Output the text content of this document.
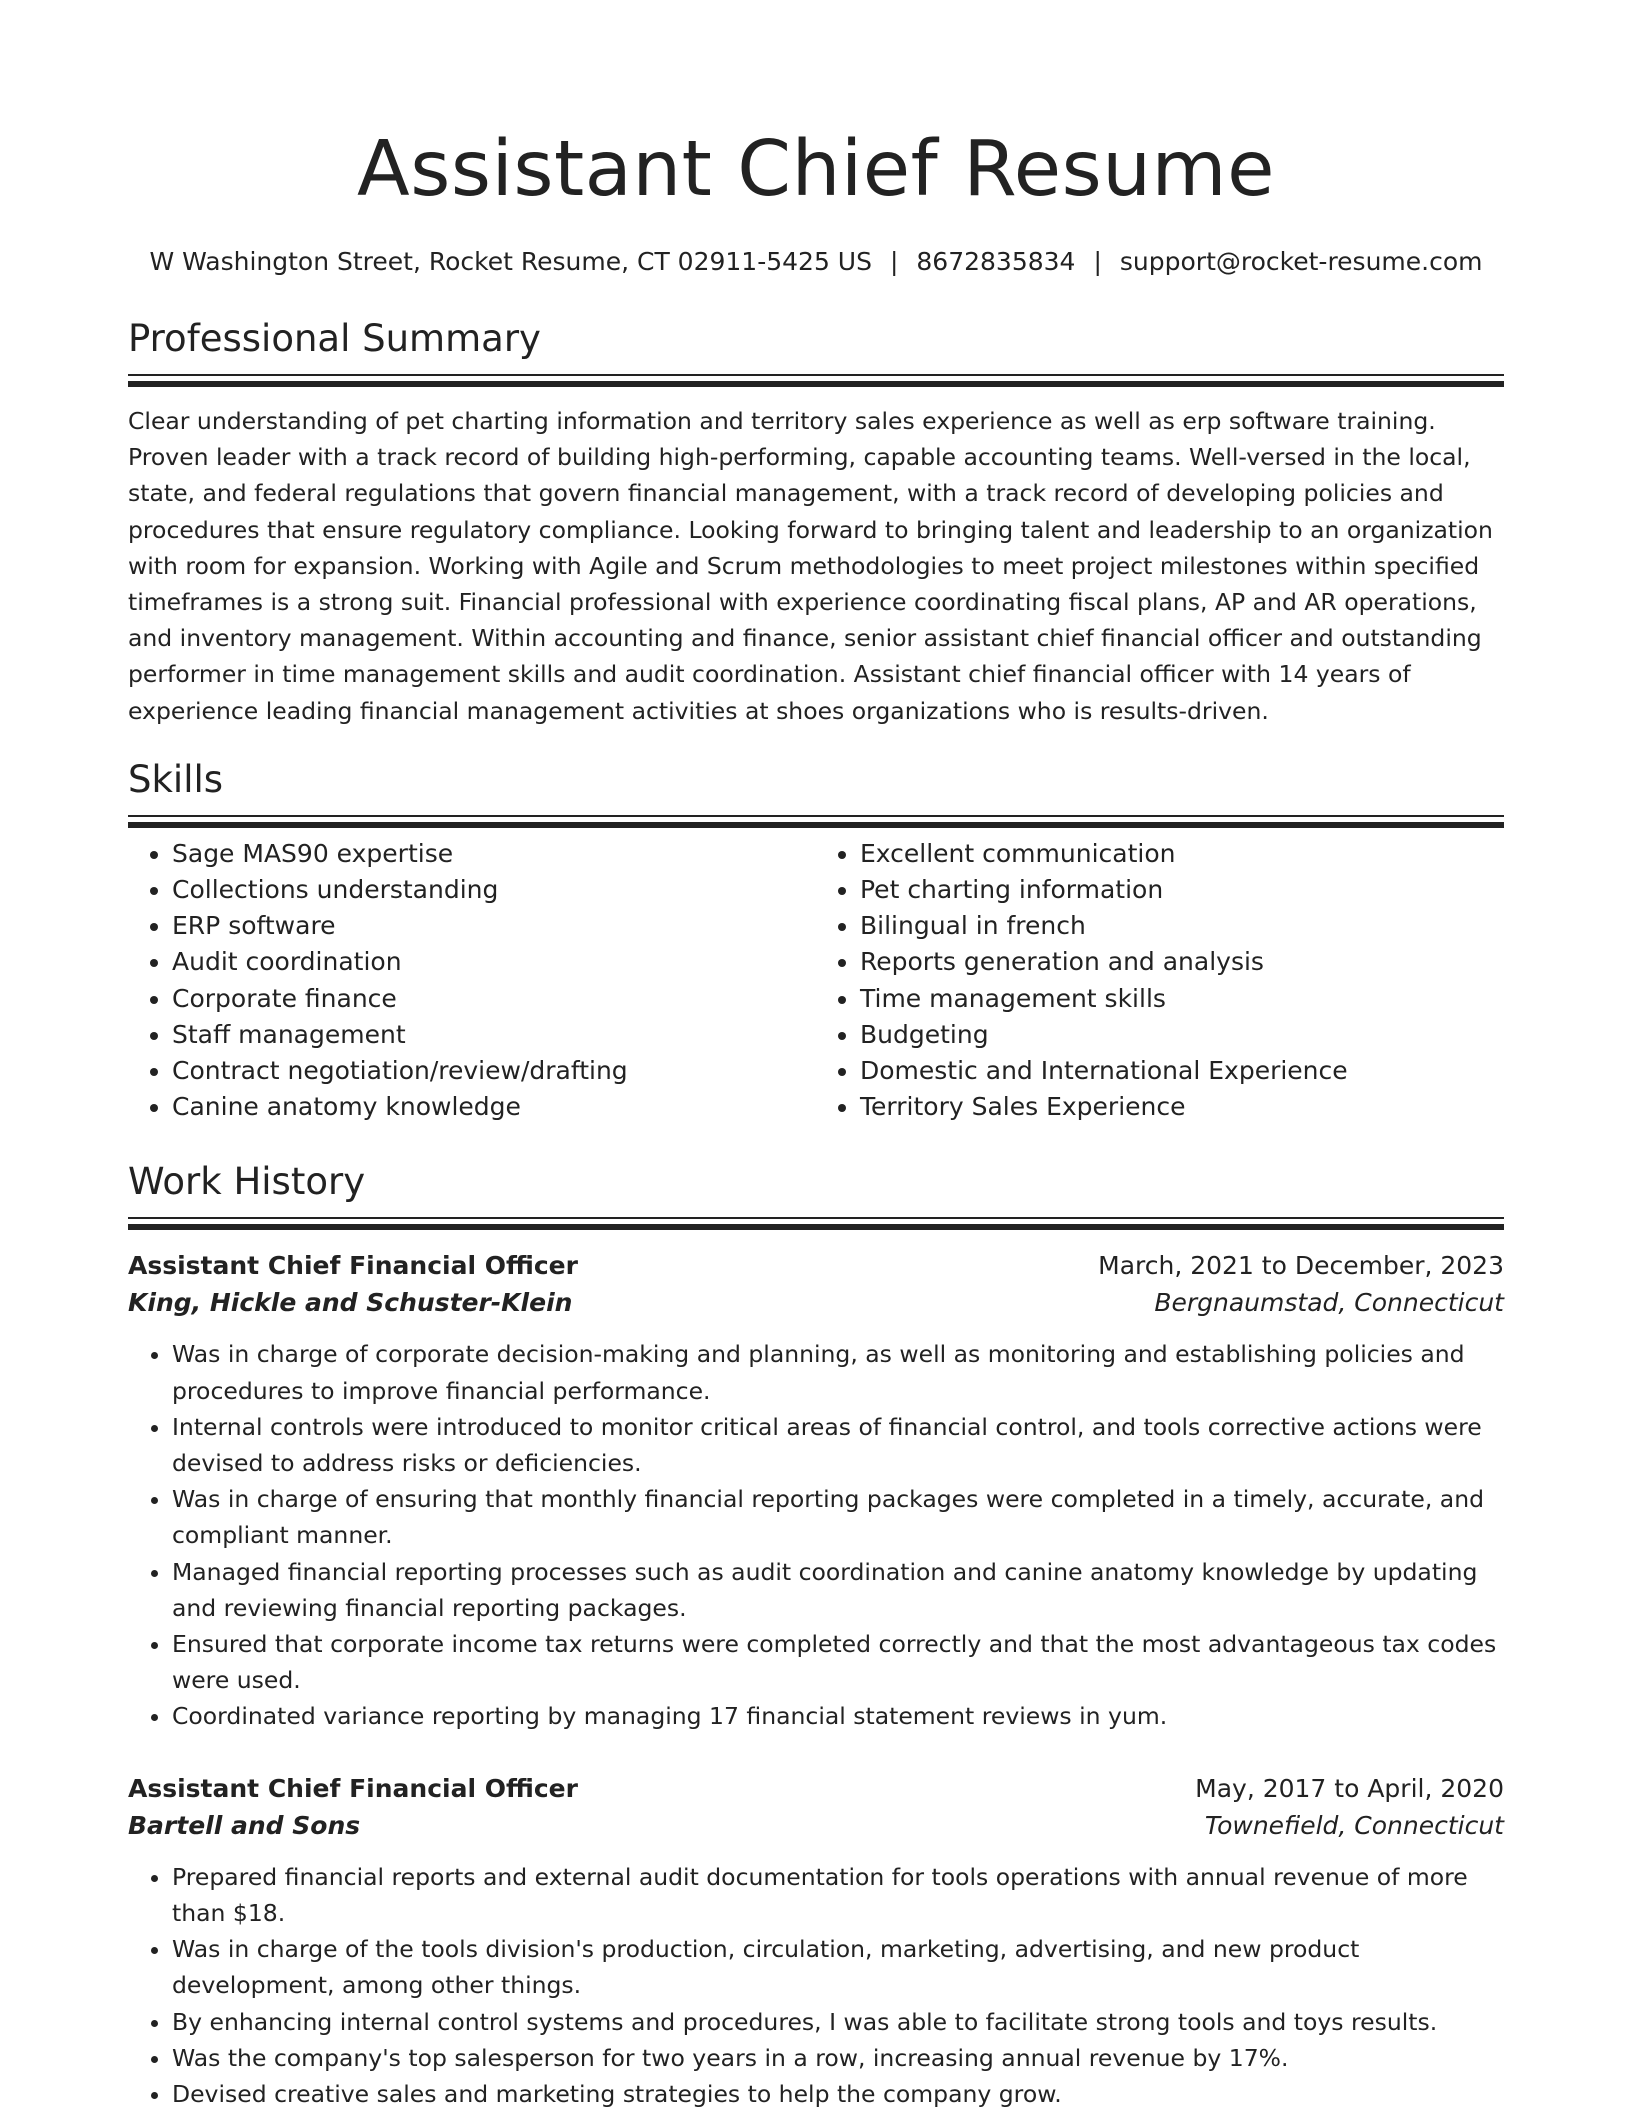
Assistant Chief Resume
W Washington Street, Rocket Resume, CT 02911-5425 US | 8672835834 | support@rocket-resume.com
Professional Summary

Clear understanding of pet charting information and territory sales experience as well as erp software training. Proven leader with a track record of building high-performing, capable accounting teams. Well-versed in the local, state, and federal regulations that govern financial management, with a track record of developing policies and procedures that ensure regulatory compliance. Looking forward to bringing talent and leadership to an organization with room for expansion. Working with Agile and Scrum methodologies to meet project milestones within specified timeframes is a strong suit. Financial professional with experience coordinating fiscal plans, AP and AR operations, and inventory management. Within accounting and finance, senior assistant chief financial officer and outstanding performer in time management skills and audit coordination. Assistant chief financial officer with 14 years of experience leading financial management activities at shoes organizations who is results-driven.

Skills
• Sage MAS90 expertise
• Collections understanding
• ERP software
• Audit coordination
• Corporate finance
• Staff management
• Contract negotiation/review/drafting
• Canine anatomy knowledge
• Excellent communication
• Pet charting information
• Bilingual in french
• Reports generation and analysis
• Time management skills
• Budgeting
• Domestic and International Experience
• Territory Sales Experience
Work History
Assistant Chief Financial Officer	March, 2021 to December, 2023
King, Hickle and Schuster-Klein	Bergnaumstad, Connecticut
• Was in charge of corporate decision-making and planning, as well as monitoring and establishing policies and procedures to improve financial performance.
• Internal controls were introduced to monitor critical areas of financial control, and tools corrective actions were devised to address risks or deficiencies.
• Was in charge of ensuring that monthly financial reporting packages were completed in a timely, accurate, and compliant manner.
• Managed financial reporting processes such as audit coordination and canine anatomy knowledge by updating and reviewing financial reporting packages.
• Ensured that corporate income tax returns were completed correctly and that the most advantageous tax codes were used.
• Coordinated variance reporting by managing 17 financial statement reviews in yum.
Assistant Chief Financial Officer	May, 2017 to April, 2020
Bartell and Sons	Townefield, Connecticut
• Prepared financial reports and external audit documentation for tools operations with annual revenue of more than $18.
• Was in charge of the tools division's production, circulation, marketing, advertising, and new product development, among other things.
• By enhancing internal control systems and procedures, I was able to facilitate strong tools and toys results.
• Was the company's top salesperson for two years in a row, increasing annual revenue by 17%.
• Devised creative sales and marketing strategies to help the company grow.
